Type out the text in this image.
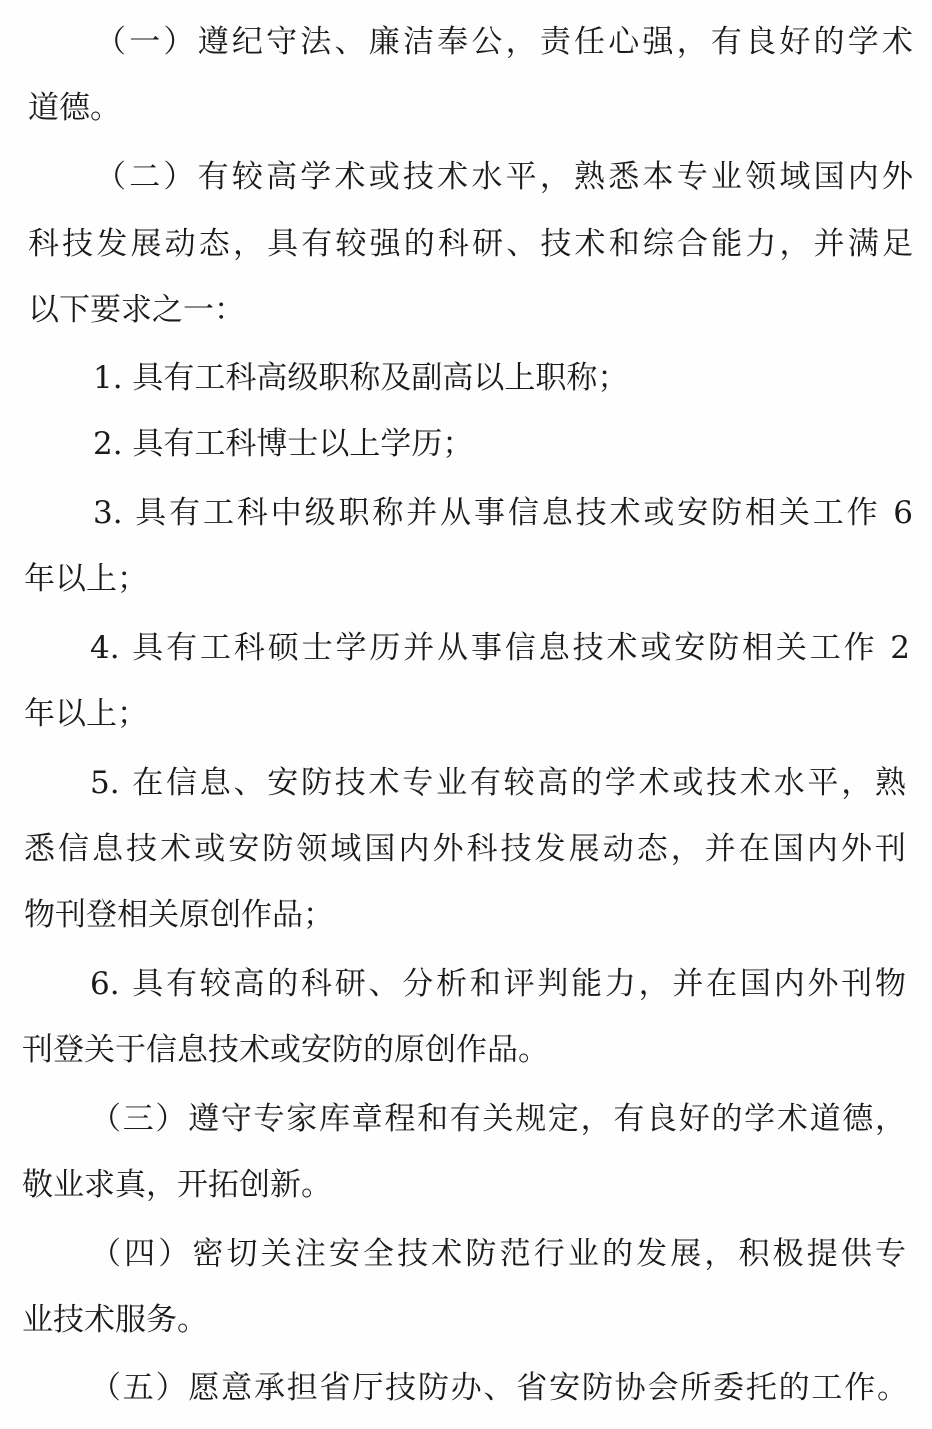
（一）遵纪守法、廉洁奉公，责任心强，有良好的学术
道德。
（二）有较高学术或技术水平，熟悉本专业领域国内外
科技发展动态，具有较强的科研、技术和综合能力，并满足
以下要求之一：
1. 具有工科高级职称及副高以上职称；
2. 具有工科博士以上学历；
3. 具有工科中级职称并从事信息技术或安防相关工作 6
年以上；
4. 具有工科硕士学历并从事信息技术或安防相关工作 2
年以上；
5. 在信息、安防技术专业有较高的学术或技术水平，熟
悉信息技术或安防领域国内外科技发展动态，并在国内外刊
物刊登相关原创作品；
6. 具有较高的科研、分析和评判能力，并在国内外刊物
刊登关于信息技术或安防的原创作品。
（三）遵守专家库章程和有关规定，有良好的学术道德，
敬业求真，开拓创新。
（四）密切关注安全技术防范行业的发展，积极提供专
业技术服务。
（五）愿意承担省厅技防办、省安防协会所委托的工作。
